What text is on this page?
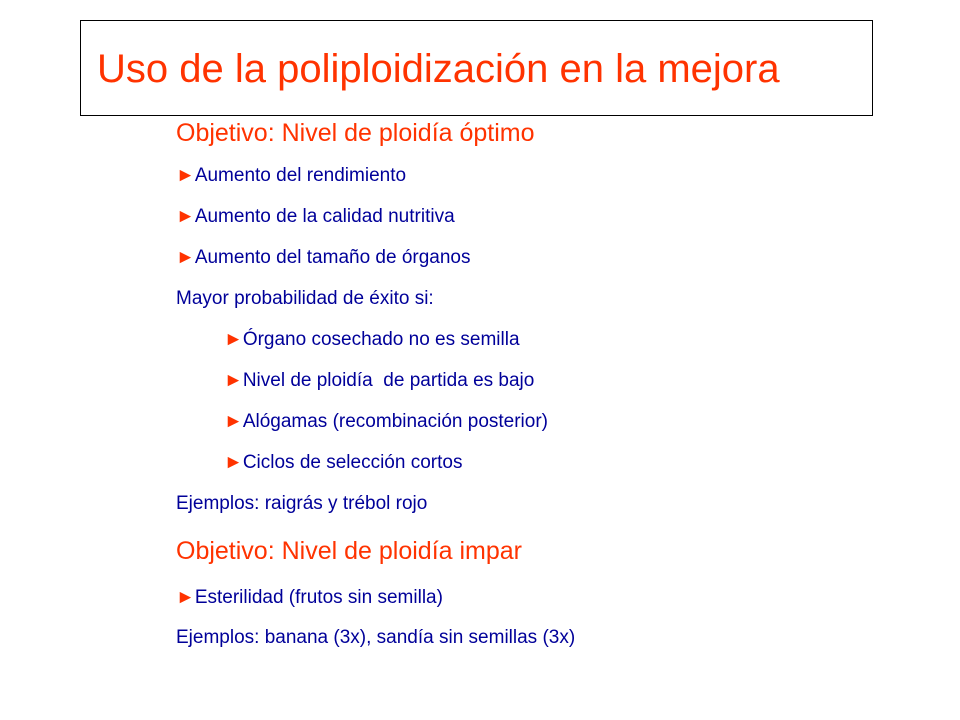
Uso de la poliploidización en la mejora
Objetivo: Nivel de ploidía óptimo
►Aumento del rendimiento
►Aumento de la calidad nutritiva
►Aumento del tamaño de órganos
Mayor probabilidad de éxito si:
►Órgano cosechado no es semilla
►Nivel de ploidía  de partida es bajo
►Alógamas (recombinación posterior)
►Ciclos de selección cortos
Ejemplos: raigrás y trébol rojo
Objetivo: Nivel de ploidía impar
►Esterilidad (frutos sin semilla)
Ejemplos: banana (3x), sandía sin semillas (3x)
